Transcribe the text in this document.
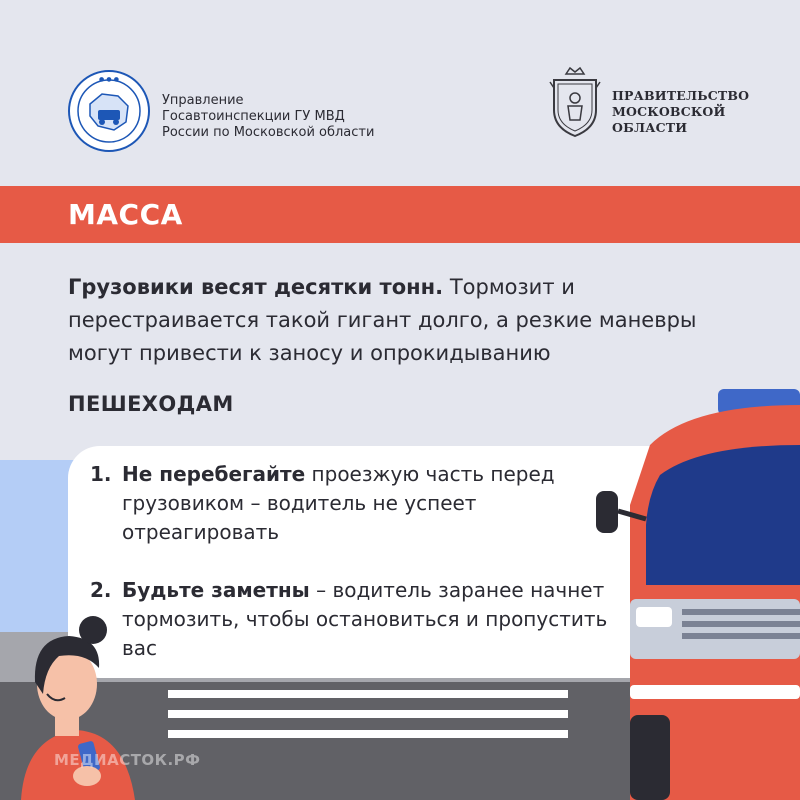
● ● ●
Управление
Госавтоинспекции ГУ МВД
России по Московской области
ПРАВИТЕЛЬСТВО
МОСКОВСКОЙ
ОБЛАСТИ
МАССА
Грузовики весят десятки тонн. Тормозит и перестраивается такой гигант долго, а резкие маневры могут привести к заносу и опрокидыванию
ПЕШЕХОДАМ
1. Не перебегайте проезжую часть перед грузовиком – водитель не успеет отреагировать
2. Будьте заметны – водитель заранее начнет тормозить, чтобы остановиться и пропустить вас
МЕДИАСТОК.РФ
